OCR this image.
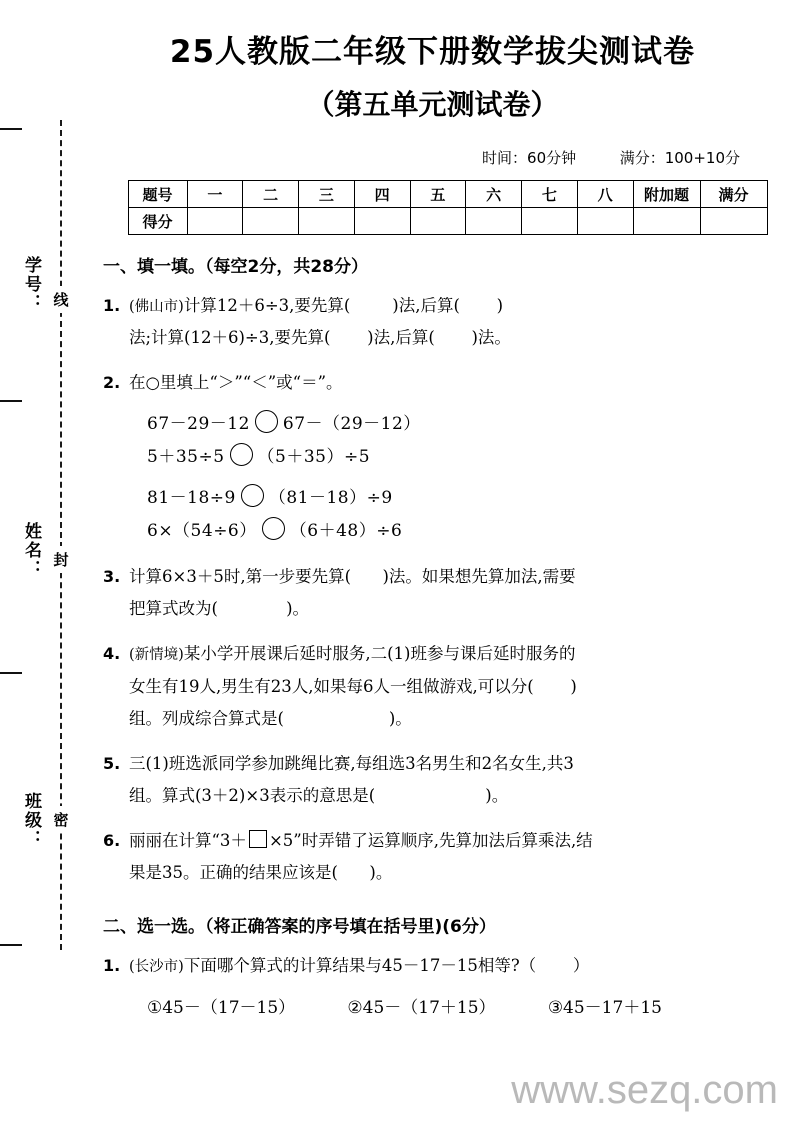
学号：
姓名：
班级：
线
封
密
25人教版二年级下册数学拔尖测试卷
（第五单元测试卷）
时间：60分钟	满分：100+10分
题号	一	二	三	四	五	六	七	八	附加题	满分
得分										
一、填一填。（每空2分，共28分）
1. (佛山市)计算12＋6÷3,要先算(        )法,后算(       )
法;计算(12＋6)÷3,要先算(       )法,后算(       )法。
2. 在○里填上“＞”“＜”或“＝”。
67－29－12 67－（29－12） 5＋35÷5 （5＋35）÷5
81－18÷9 （81－18）÷9 6×（54÷6） （6＋48）÷6
3. 计算6×3＋5时,第一步要先算(      )法。如果想先算加法,需要
把算式改为(             )。
4. (新情境)某小学开展课后延时服务,二(1)班参与课后延时服务的
女生有19人,男生有23人,如果每6人一组做游戏,可以分(       )
组。列成综合算式是(                    )。
5. 三(1)班选派同学参加跳绳比赛,每组选3名男生和2名女生,共3
组。算式(3＋2)×3表示的意思是(                     )。
6. 丽丽在计算“3＋ ×5”时弄错了运算顺序,先算加法后算乘法,结
果是35。正确的结果应该是(      )。
二、选一选。（将正确答案的序号填在括号里)(6分）
1. (长沙市)下面哪个算式的计算结果与45－17－15相等?（       ）
①45－（17－15）	②45－（17＋15）	③45－17＋15
www.sezq.com
